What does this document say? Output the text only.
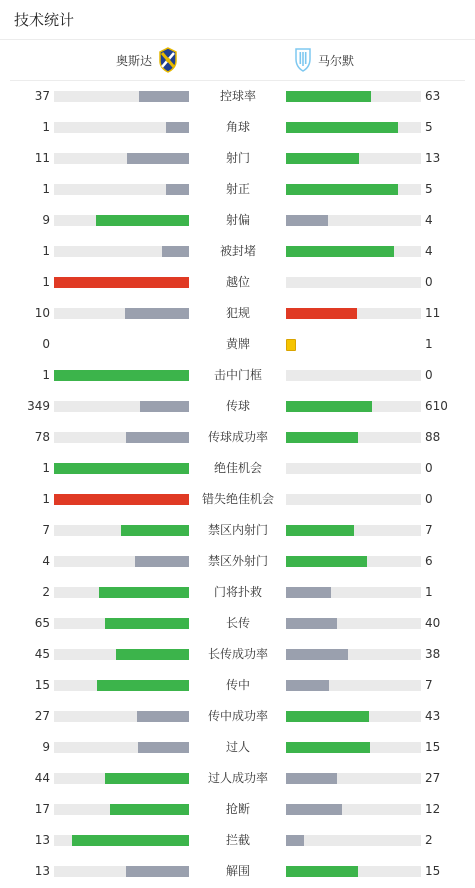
技术统计
奥斯达	马尔默
37	控球率	63
1	角球	5
11	射门	13
1	射正	5
9	射偏	4
1	被封堵	4
1	越位	0
10	犯规	11
0	黄牌	1
1	击中门框	0
349	传球	610
78	传球成功率	88
1	绝佳机会	0
1	错失绝佳机会	0
7	禁区内射门	7
4	禁区外射门	6
2	门将扑救	1
65	长传	40
45	长传成功率	38
15	传中	7
27	传中成功率	43
9	过人	15
44	过人成功率	27
17	抢断	12
13	拦截	2
13	解围	15
